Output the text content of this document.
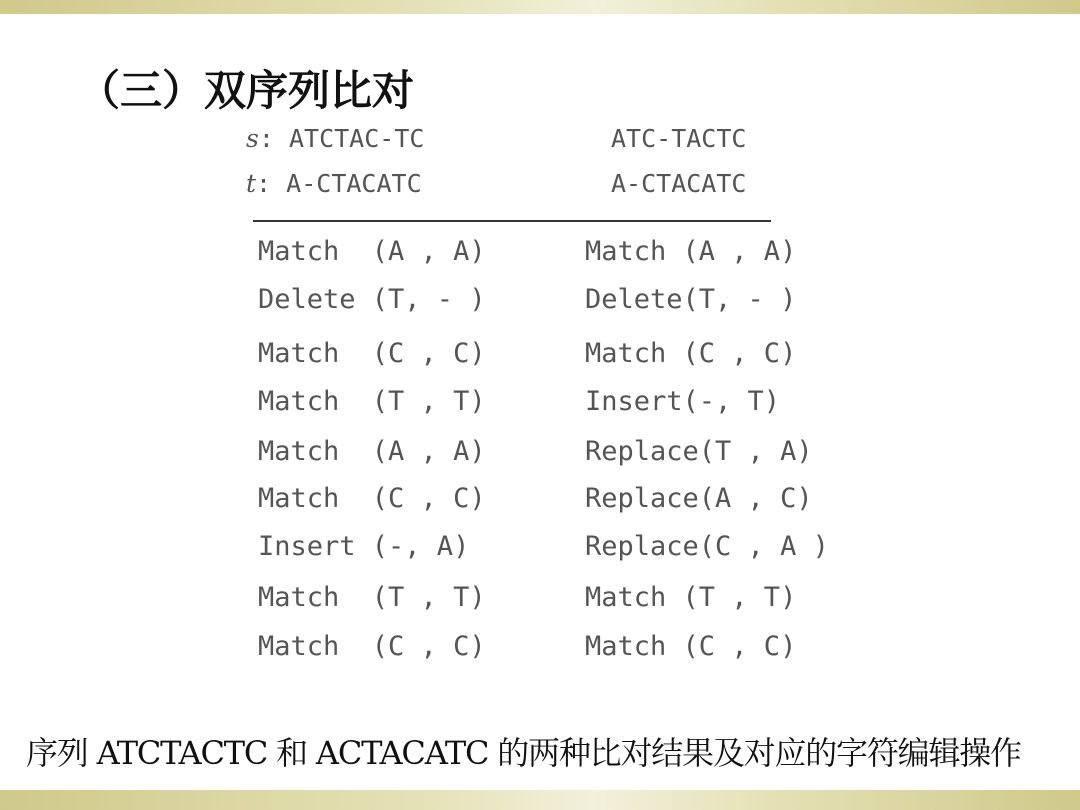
（三）双序列比对
s: ATCTAC-TC
t: A-CTACATC
ATC-TACTC
A-CTACATC
Match  (A , A)
Delete (T, - )
Match  (C , C)
Match  (T , T)
Match  (A , A)
Match  (C , C)
Insert (-, A)
Match  (T , T)
Match  (C , C)
Match (A , A)
Delete(T, - )
Match (C , C)
Insert(-, T)
Replace(T , A)
Replace(A , C)
Replace(C , A )
Match (T , T)
Match (C , C)
序列 ATCTACTC 和 ACTACATC 的两种比对结果及对应的字符编辑操作
